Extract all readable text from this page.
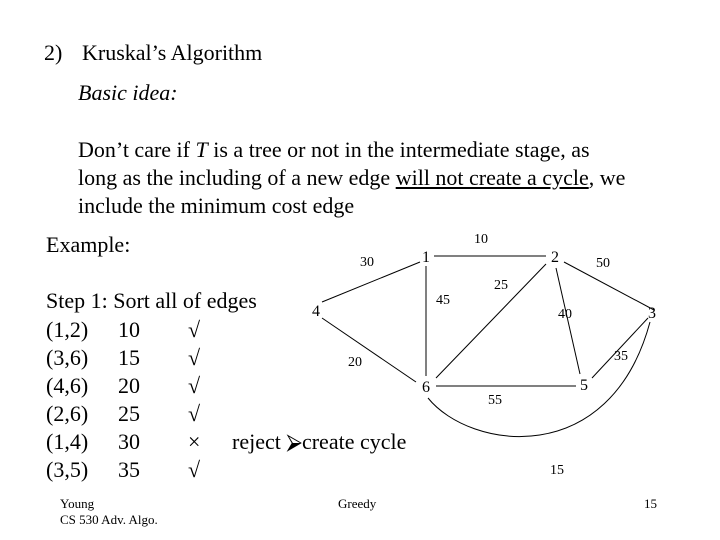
2) Kruskal’s Algorithm
Basic idea:
Don’t care if T is a tree or not in the intermediate stage, as
long as the including of a new edge will not create a cycle, we
include the minimum cost edge
Example:
Step 1: Sort all of edges
(1,2) 10 √
(3,6) 15 √
(4,6) 20 √
(2,6) 25 √
(1,4) 30 × reject ⮚create cycle
(3,5) 35 √
1	2
3
4
5
6
10
50
30
45
25
40
35
20
55
15
Young
CS 530 Adv. Algo.
Greedy	15
